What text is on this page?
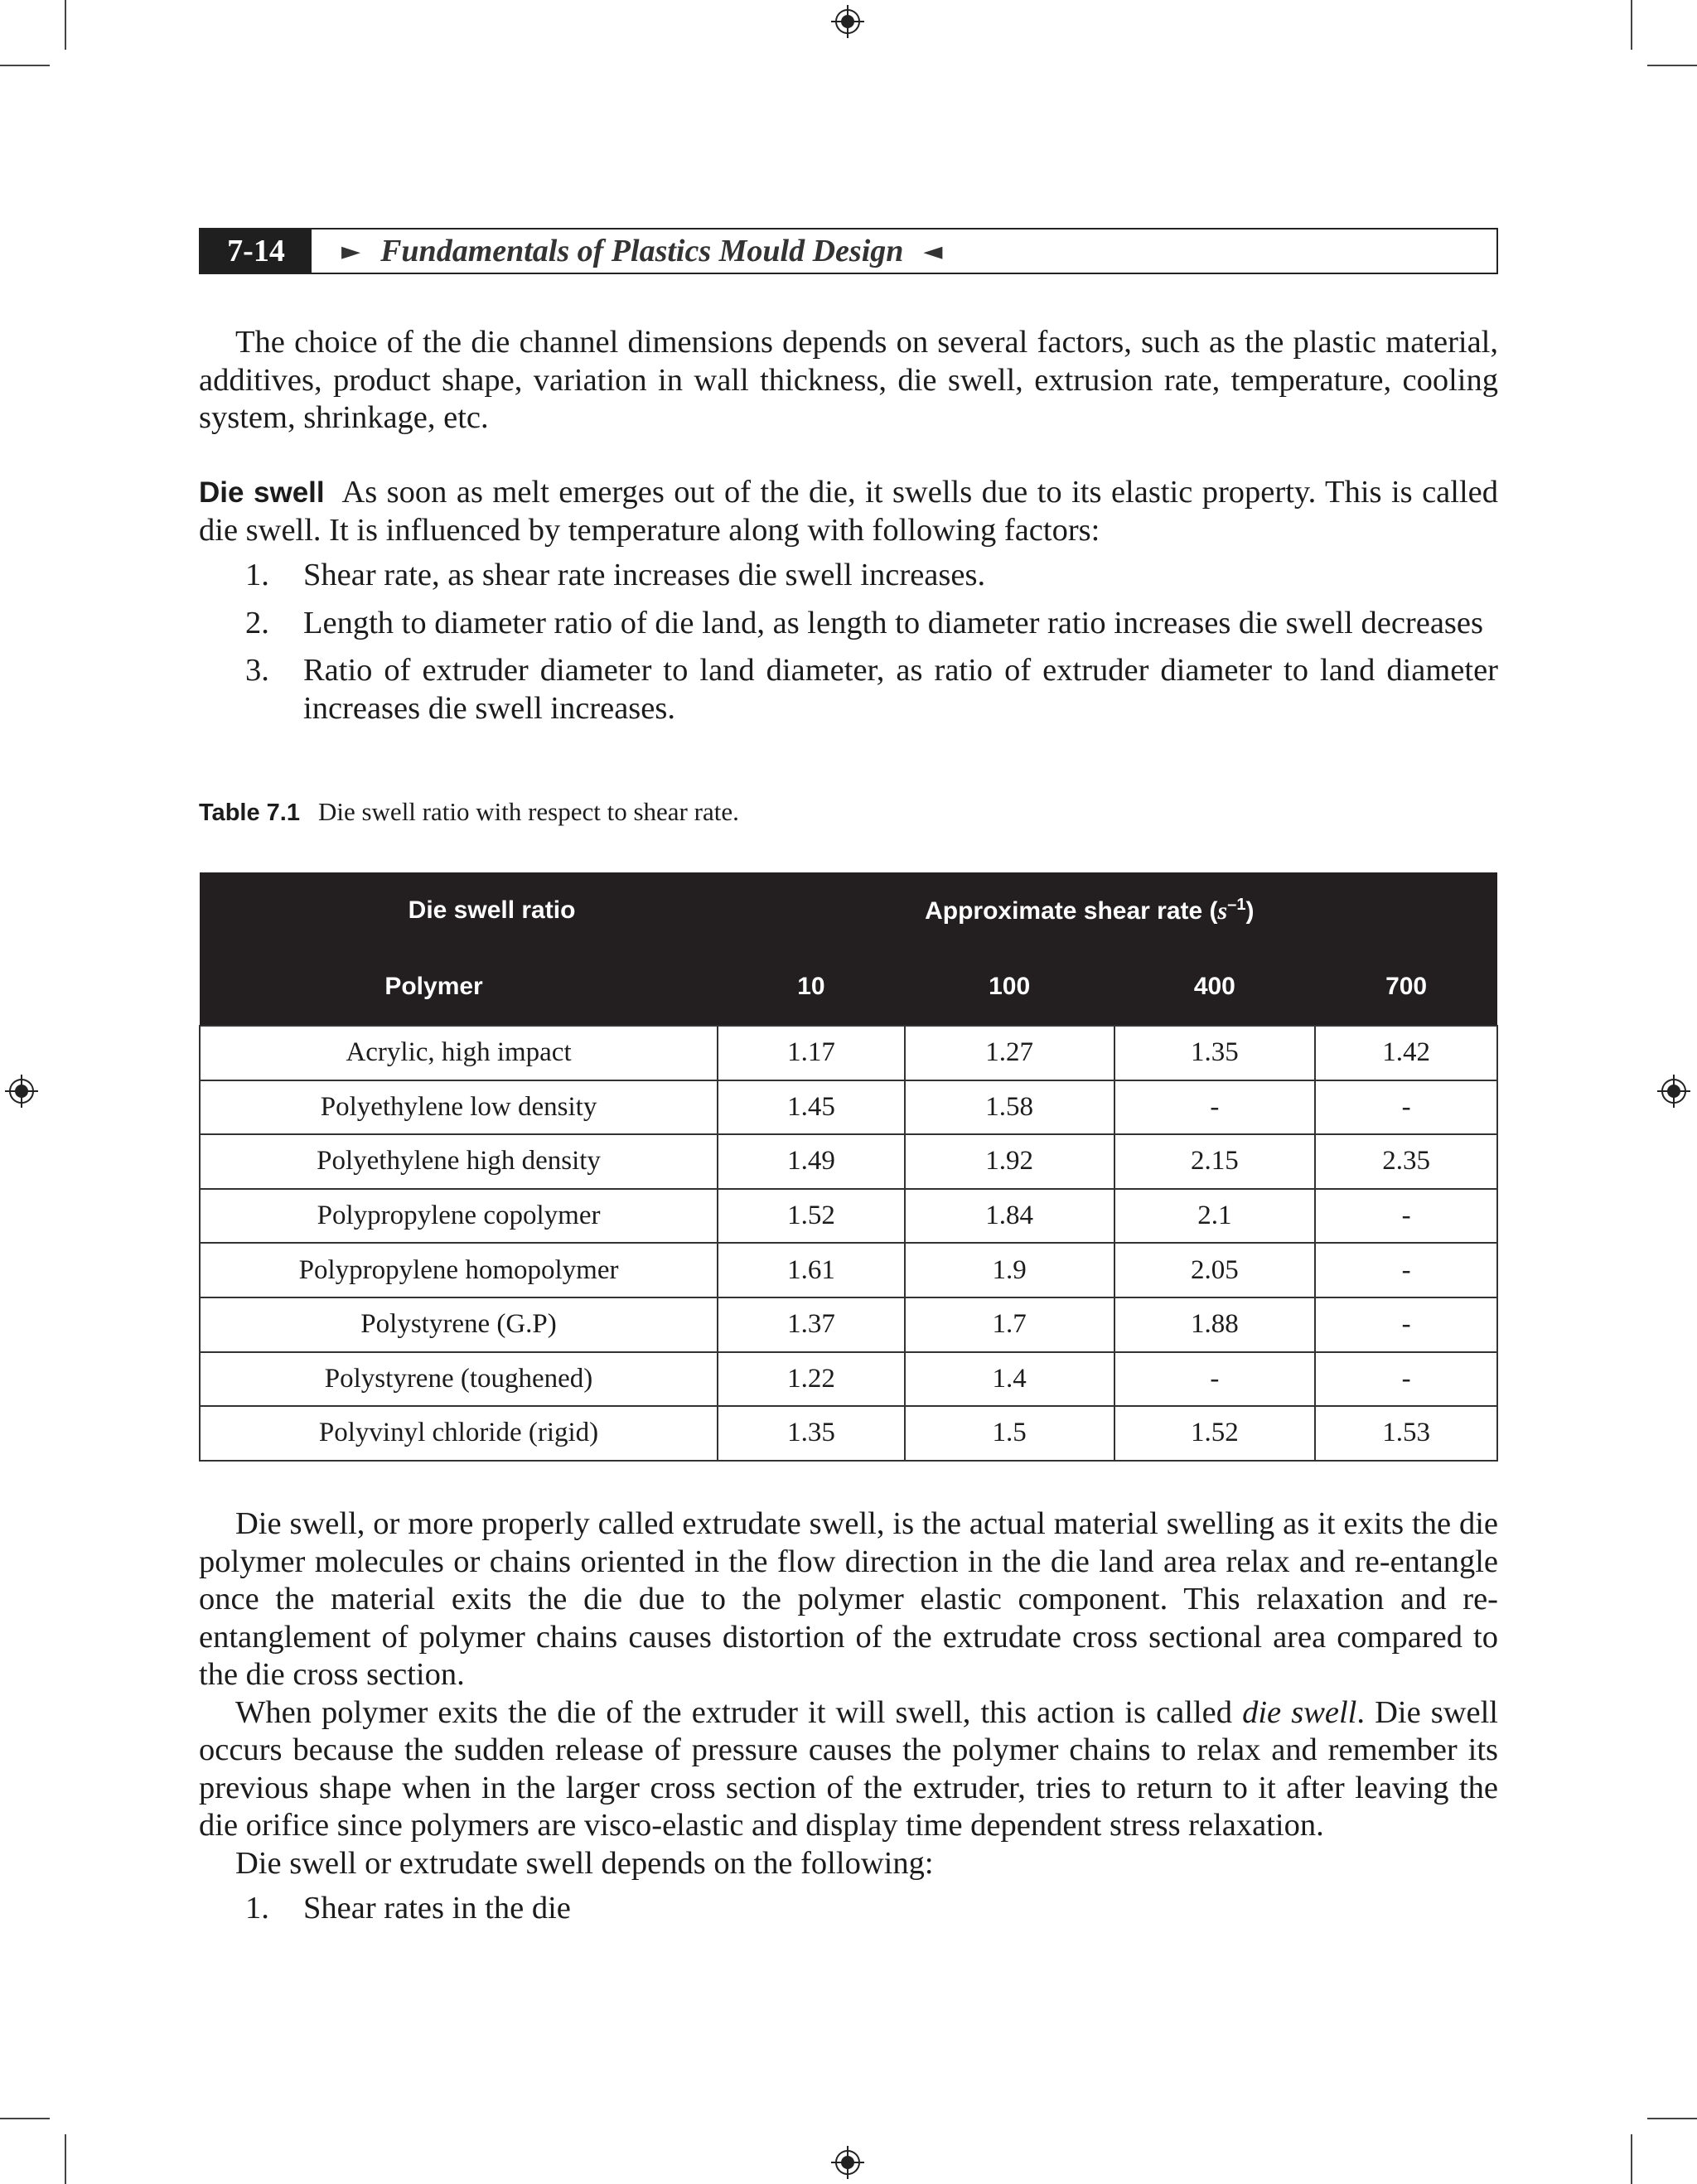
7-14	► Fundamentals of Plastics Mould Design ◄

The choice of the die channel dimensions depends on several factors, such as the plastic material, additives, product shape, variation in wall thickness, die swell, extrusion rate, temperature, cooling system, shrinkage, etc.

Die swell As soon as melt emerges out of the die, it swells due to its elastic property. This is called die swell. It is influenced by temperature along with following factors:

1. Shear rate, as shear rate increases die swell increases.
2. Length to diameter ratio of die land, as length to diameter ratio increases die swell decreases
3. Ratio of extruder diameter to land diameter, as ratio of extruder diameter to land diameter increases die swell increases.
Table 7.1 Die swell ratio with respect to shear rate.
Die swell ratio	Approximate shear rate $(s^{-1})$			
Polymer	10	100	400	700
Acrylic, high impact	1.17	1.27	1.35	1.42
Polyethylene low density	1.45	1.58	-	-
Polyethylene high density	1.49	1.92	2.15	2.35
Polypropylene copolymer	1.52	1.84	2.1	-
Polypropylene homopolymer	1.61	1.9	2.05	-
Polystyrene (G.P)	1.37	1.7	1.88	-
Polystyrene (toughened)	1.22	1.4	-	-
Polyvinyl chloride (rigid)	1.35	1.5	1.52	1.53

Die swell, or more properly called extrudate swell, is the actual material swelling as it exits the die polymer molecules or chains oriented in the flow direction in the die land area relax and re-entangle once the material exits the die due to the polymer elastic component. This relaxation and re-entanglement of polymer chains causes distortion of the extrudate cross sectional area compared to the die cross section.

When polymer exits the die of the extruder it will swell, this action is called die swell. Die swell occurs because the sudden release of pressure causes the polymer chains to relax and remember its previous shape when in the larger cross section of the extruder, tries to return to it after leaving the die orifice since polymers are visco-elastic and display time dependent stress relaxation.

Die swell or extrudate swell depends on the following:

1. Shear rates in the die
